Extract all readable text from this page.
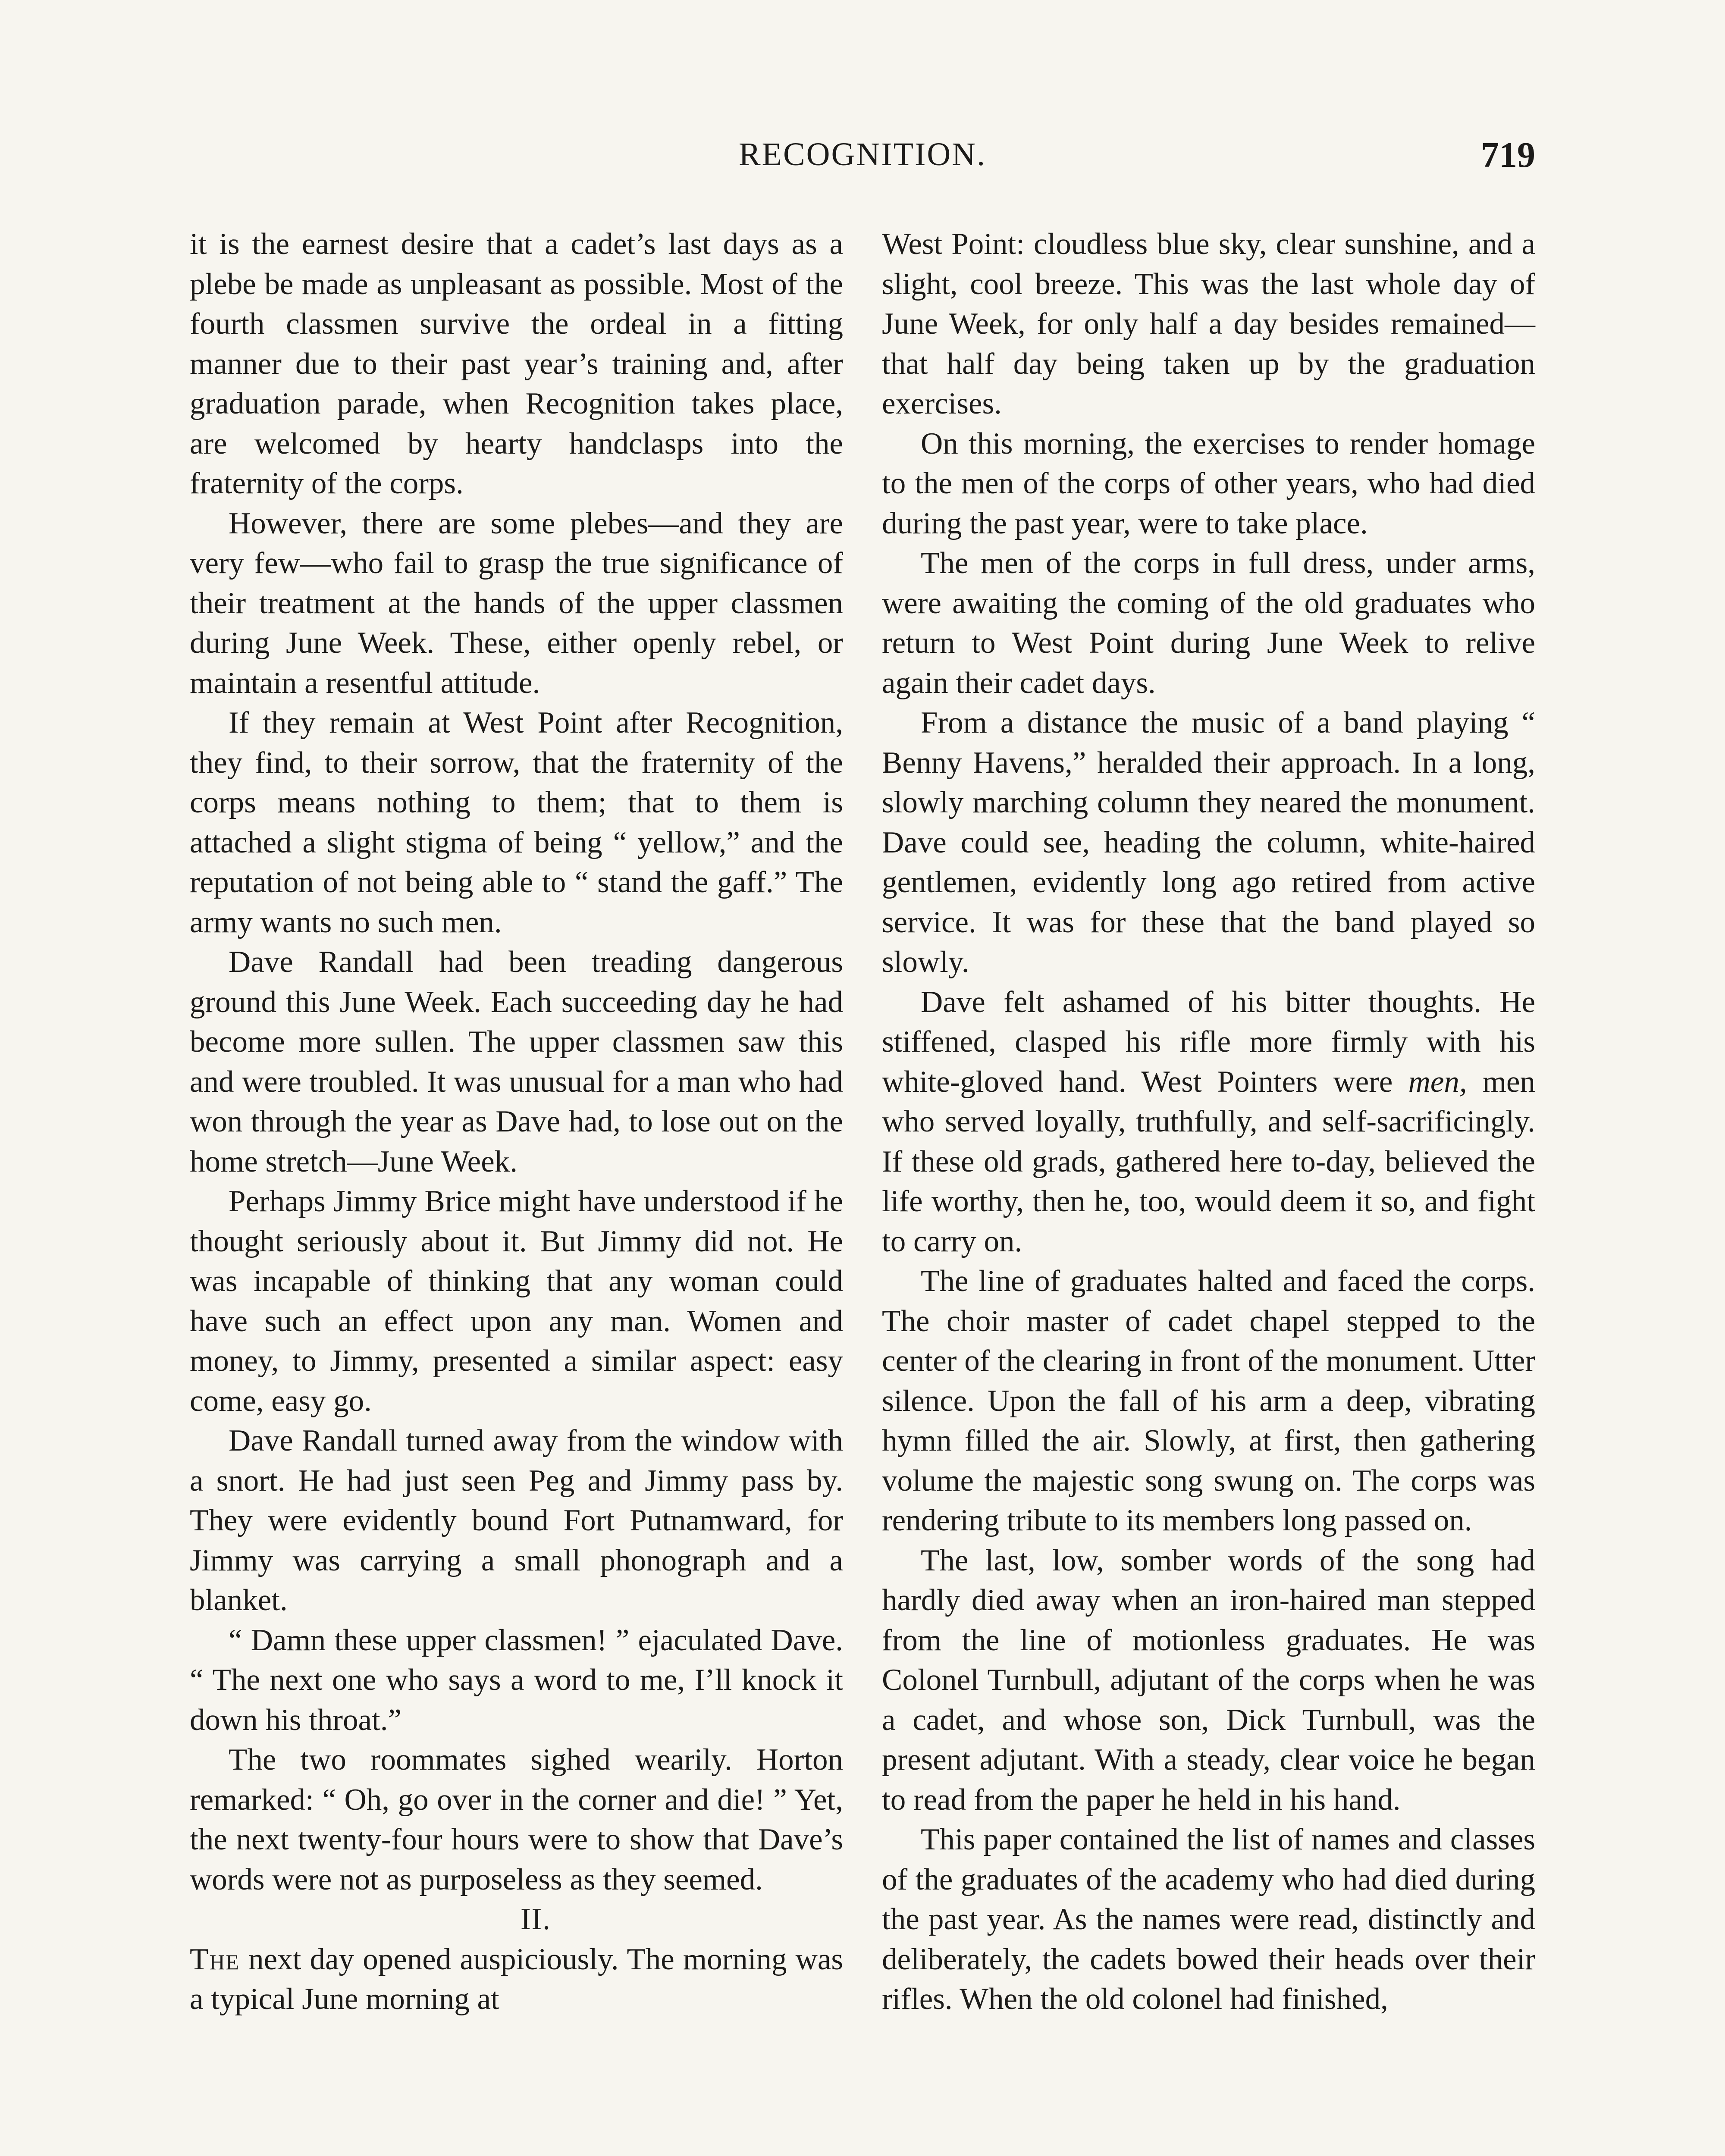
RECOGNITION.	719

it is the earnest desire that a cadet’s last days as a plebe be made as unpleasant as possible. Most of the fourth classmen survive the ordeal in a fitting manner due to their past year’s training and, after graduation parade, when Recognition takes place, are welcomed by hearty handclasps into the fraternity of the corps.

However, there are some plebes—and they are very few—who fail to grasp the true significance of their treatment at the hands of the upper classmen during June Week. These, either openly rebel, or maintain a resentful attitude.

If they remain at West Point after Recognition, they find, to their sorrow, that the fraternity of the corps means nothing to them; that to them is attached a slight stigma of being “ yellow,” and the reputation of not being able to “ stand the gaff.” The army wants no such men.

Dave Randall had been treading dangerous ground this June Week. Each succeeding day he had become more sullen. The upper classmen saw this and were troubled. It was unusual for a man who had won through the year as Dave had, to lose out on the home stretch—June Week.

Perhaps Jimmy Brice might have understood if he thought seriously about it. But Jimmy did not. He was incapable of thinking that any woman could have such an effect upon any man. Women and money, to Jimmy, presented a similar aspect: easy come, easy go.

Dave Randall turned away from the window with a snort. He had just seen Peg and Jimmy pass by. They were evidently bound Fort Putnamward, for Jimmy was carrying a small phonograph and a blanket.

“ Damn these upper classmen! ” ejaculated Dave. “ The next one who says a word to me, I’ll knock it down his throat.”

The two roommates sighed wearily. Horton remarked: “ Oh, go over in the corner and die! ” Yet, the next twenty-four hours were to show that Dave’s words were not as purposeless as they seemed.

II.

The next day opened auspiciously. The morning was a typical June morning at

West Point: cloudless blue sky, clear sunshine, and a slight, cool breeze. This was the last whole day of June Week, for only half a day besides remained—that half day being taken up by the graduation exercises.

On this morning, the exercises to render homage to the men of the corps of other years, who had died during the past year, were to take place.

The men of the corps in full dress, under arms, were awaiting the coming of the old graduates who return to West Point during June Week to relive again their cadet days.

From a distance the music of a band playing “ Benny Havens,” heralded their approach. In a long, slowly marching column they neared the monument. Dave could see, heading the column, white-haired gentlemen, evidently long ago retired from active service. It was for these that the band played so slowly.

Dave felt ashamed of his bitter thoughts. He stiffened, clasped his rifle more firmly with his white-gloved hand. West Pointers were men, men who served loyally, truthfully, and self-sacrificingly. If these old grads, gathered here to-day, believed the life worthy, then he, too, would deem it so, and fight to carry on.

The line of graduates halted and faced the corps. The choir master of cadet chapel stepped to the center of the clearing in front of the monument. Utter silence. Upon the fall of his arm a deep, vibrating hymn filled the air. Slowly, at first, then gathering volume the majestic song swung on. The corps was rendering tribute to its members long passed on.

The last, low, somber words of the song had hardly died away when an iron-haired man stepped from the line of motionless graduates. He was Colonel Turnbull, adjutant of the corps when he was a cadet, and whose son, Dick Turnbull, was the present adjutant. With a steady, clear voice he began to read from the paper he held in his hand.

This paper contained the list of names and classes of the graduates of the academy who had died during the past year. As the names were read, distinctly and deliberately, the cadets bowed their heads over their rifles. When the old colonel had finished,
